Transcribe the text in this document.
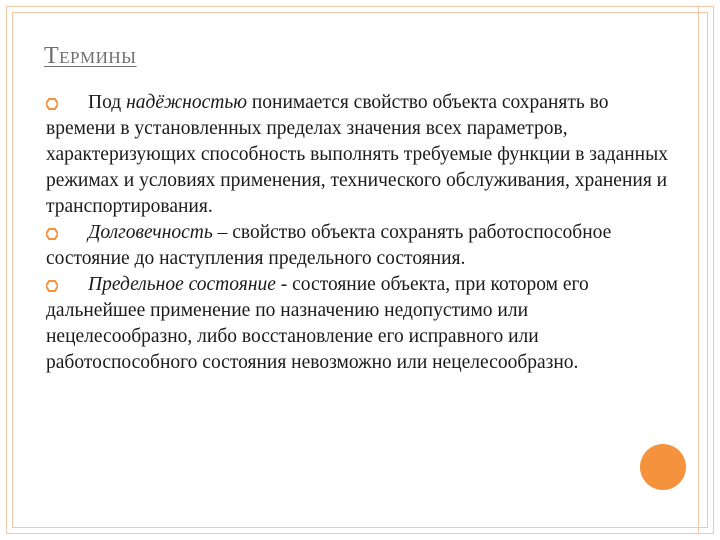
ТЕРМИНЫ

Под надёжностью понимается свойство объекта сохранять во времени в установленных пределах значения всех параметров, характеризующих способность выполнять требуемые функции в заданных режимах и условиях применения, технического обслуживания, хранения и транспортирования.

Долговечность – свойство объекта сохранять работоспособное состояние до наступления предельного состояния.

Предельное состояние - состояние объекта, при котором его дальнейшее применение по назначению недопустимо или нецелесообразно, либо восстановление его исправного или работоспособного состояния невозможно или нецелесообразно.
